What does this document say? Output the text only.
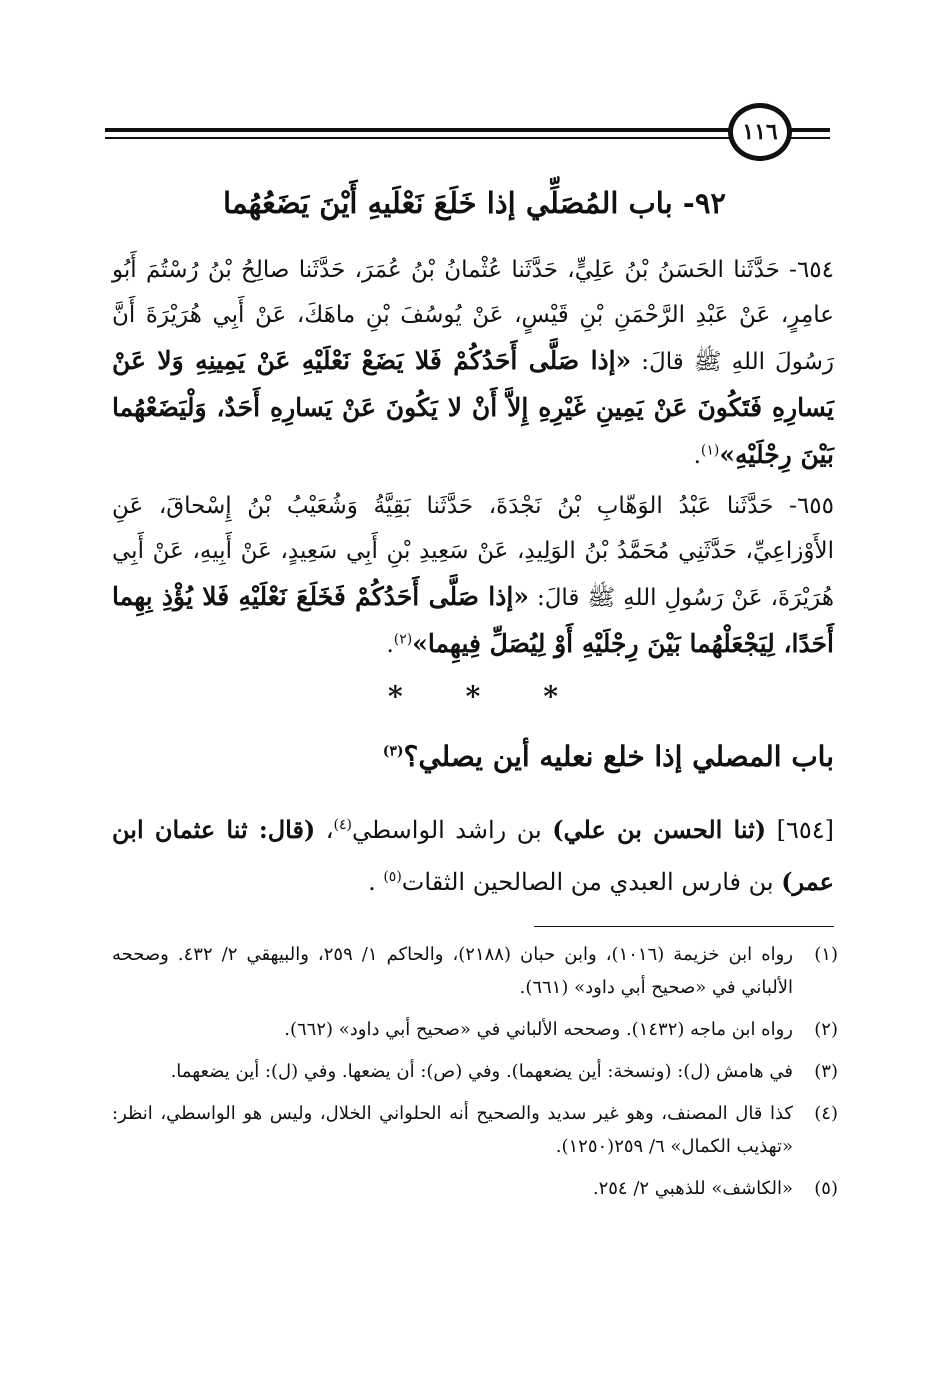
١١٦
٩٢- باب المُصَلِّي إذا خَلَعَ نَعْلَيهِ أَيْنَ يَضَعُهُما

٦٥٤- حَدَّثَنا الحَسَنُ بْنُ عَلِيٍّ، حَدَّثَنا عُثْمانُ بْنُ عُمَرَ، حَدَّثَنا صالِحُ بْنُ رُسْتُمَ أَبُو عامِرٍ، عَنْ عَبْدِ الرَّحْمَنِ بْنِ قَيْسٍ، عَنْ يُوسُفَ بْنِ ماهَكَ، عَنْ أَبِي هُرَيْرَةَ أَنَّ رَسُولَ اللهِ ﷺ قالَ: «إذا صَلَّى أَحَدُكُمْ فَلا يَضَعْ نَعْلَيْهِ عَنْ يَمِينِهِ وَلا عَنْ يَسارِهِ فَتَكُونَ عَنْ يَمِينِ غَيْرِهِ إِلاَّ أَنْ لا يَكُونَ عَنْ يَسارِهِ أَحَدٌ، وَلْيَضَعْهُما بَيْنَ رِجْلَيْهِ»$^{(١)}$.

٦٥٥- حَدَّثَنا عَبْدُ الوَهّابِ بْنُ نَجْدَةَ، حَدَّثَنا بَقِيَّةُ وَشُعَيْبُ بْنُ إِسْحاقَ، عَنِ الأَوْزاعِيِّ، حَدَّثَنِي مُحَمَّدُ بْنُ الوَلِيدِ، عَنْ سَعِيدِ بْنِ أَبِي سَعِيدٍ، عَنْ أَبِيهِ، عَنْ أَبِي هُرَيْرَةَ، عَنْ رَسُولِ اللهِ ﷺ قالَ: «إذا صَلَّى أَحَدُكُمْ فَخَلَعَ نَعْلَيْهِ فَلا يُؤْذِ بِهِما أَحَدًا، لِيَجْعَلْهُما بَيْنَ رِجْلَيْهِ أَوْ لِيُصَلِّ فِيهِما»$^{(٢)}$.

*
*
*
باب المصلي إذا خلع نعليه أين يصلي؟$^{(٣)}$

[٦٥٤] (ثنا الحسن بن علي) بن راشد الواسطي$^{(٤)}$، (قال: ثنا عثمان ابن عمر) بن فارس العبدي من الصالحين الثقات$^{(٥)}$ .

(١)
رواه ابن خزيمة (١٠١٦)، وابن حبان (٢١٨٨)، والحاكم ١/ ٢٥٩، والبيهقي ٢/ ٤٣٢. وصححه الألباني في «صحيح أبي داود» (٦٦١).
(٢)
رواه ابن ماجه (١٤٣٢). وصححه الألباني في «صحيح أبي داود» (٦٦٢).
(٣)
في هامش (ل): (ونسخة: أين يضعهما). وفي (ص): أن يضعها. وفي (ل): أين يضعهما.
(٤)
كذا قال المصنف، وهو غير سديد والصحيح أنه الحلواني الخلال، وليس هو الواسطي، انظر: «تهذيب الكمال» ٦/ ٢٥٩(١٢٥٠).
(٥)
«الكاشف» للذهبي ٢/ ٢٥٤.
